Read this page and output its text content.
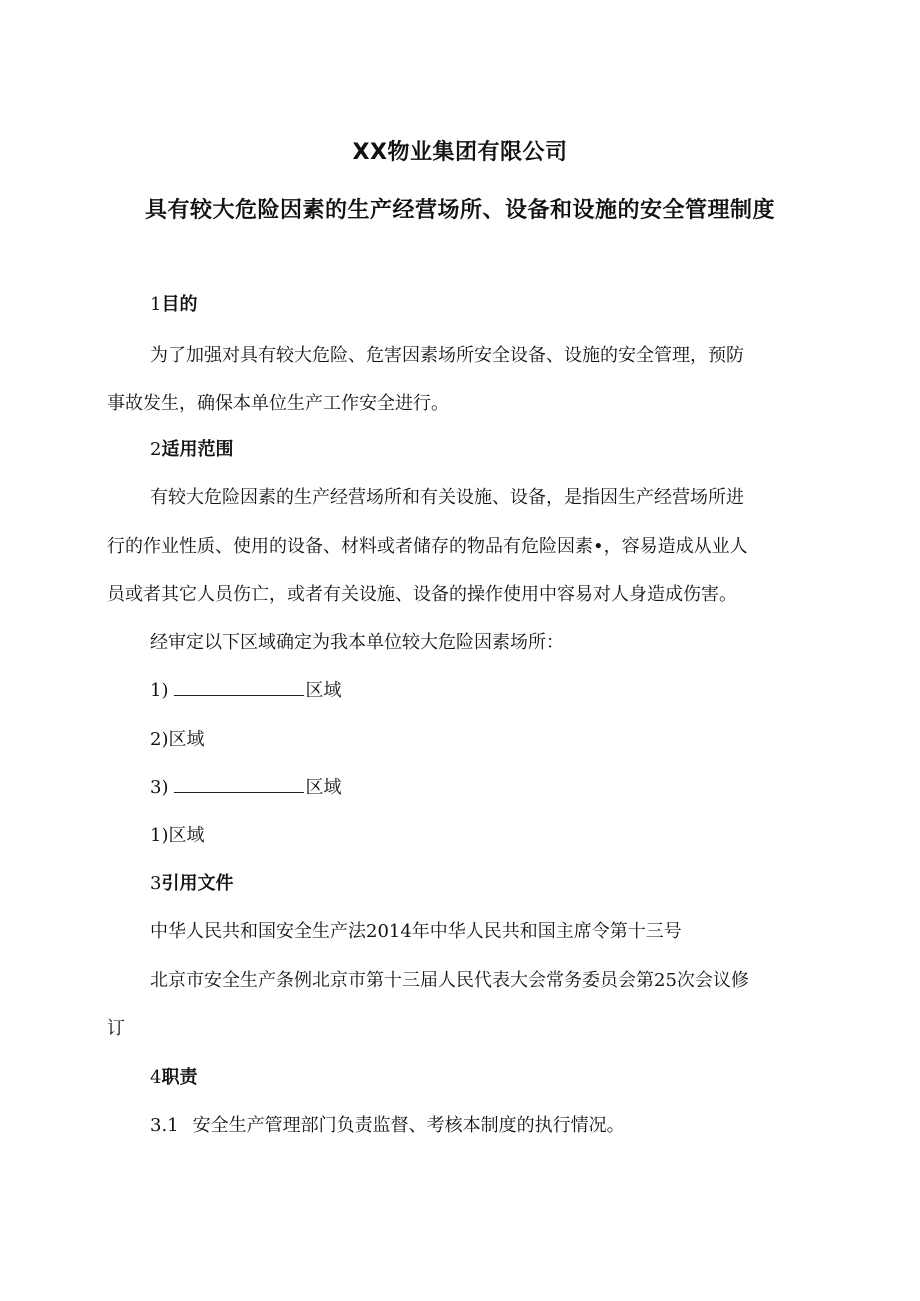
XX物业集团有限公司
具有较大危险因素的生产经营场所、设备和设施的安全管理制度
1目的
为了加强对具有较大危险、危害因素场所安全设备、设施的安全管理，预防
事故发生，确保本单位生产工作安全进行。
2适用范围
有较大危险因素的生产经营场所和有关设施、设备，是指因生产经营场所进
行的作业性质、使用的设备、材料或者储存的物品有危险因素•，容易造成从业人
员或者其它人员伤亡，或者有关设施、设备的操作使用中容易对人身造成伤害。
经审定以下区域确定为我本单位较大危险因素场所：
1)	区域
2)区域
3)	区域
1)区域
3引用文件
中华人民共和国安全生产法2014年中华人民共和国主席令第十三号
北京市安全生产条例北京市第十三届人民代表大会常务委员会第25次会议修
订
4职责
3.1 安全生产管理部门负责监督、考核本制度的执行情况。
